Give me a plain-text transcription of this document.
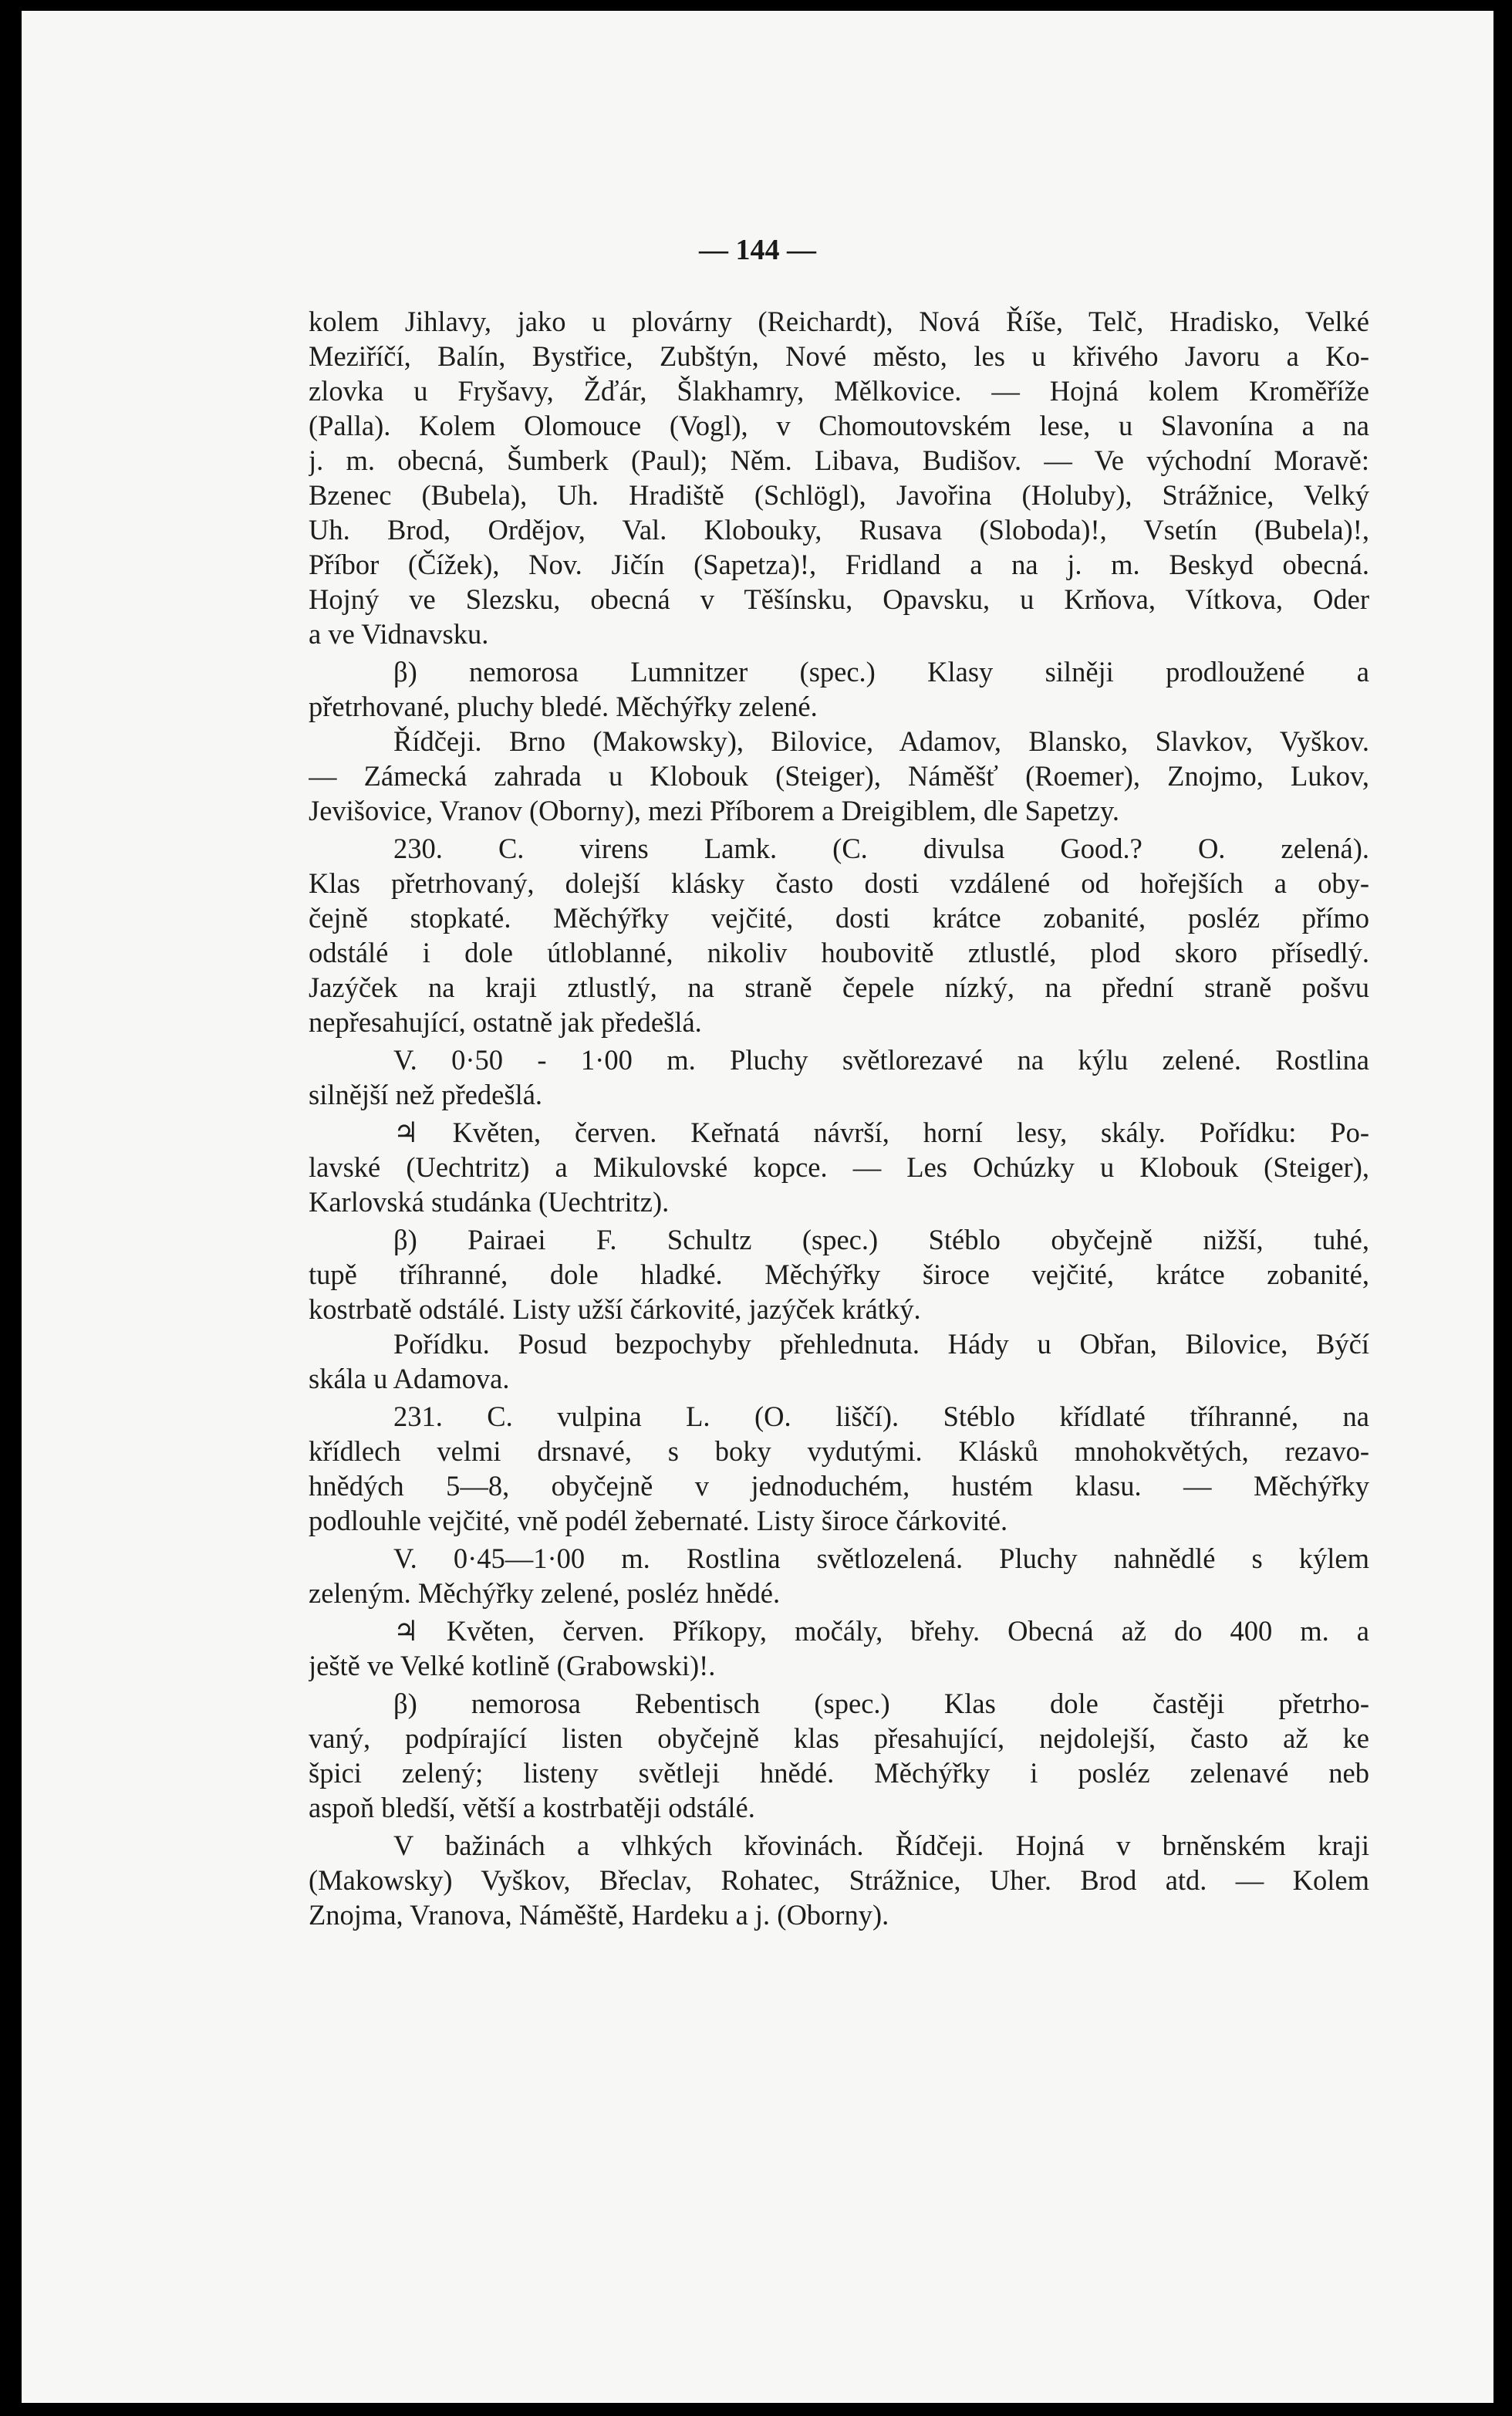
— 144 —
kolem Jihlavy, jako u plovárny (Reichardt), Nová Říše, Telč, Hradisko, Velké
Meziříčí, Balín, Bystřice, Zubštýn, Nové město, les u křivého Javoru a Ko-
zlovka u Fryšavy, Žďár, Šlakhamry, Mělkovice. — Hojná kolem Kroměříže
(Palla). Kolem Olomouce (Vogl), v Chomoutovském lese, u Slavonína a na
j. m. obecná, Šumberk (Paul); Něm. Libava, Budišov. — Ve východní Moravě:
Bzenec (Bubela), Uh. Hradiště (Schlögl), Javořina (Holuby), Strážnice, Velký
Uh. Brod, Ordějov, Val. Klobouky, Rusava (Sloboda)!, Vsetín (Bubela)!,
Příbor (Čížek), Nov. Jičín (Sapetza)!, Fridland a na j. m. Beskyd obecná.
Hojný ve Slezsku, obecná v Těšínsku, Opavsku, u Krňova, Vítkova, Oder
a ve Vidnavsku.
β) nemorosa Lumnitzer (spec.) Klasy silněji prodloužené a
přetrhované, pluchy bledé. Měchýřky zelené.
Řídčeji. Brno (Makowsky), Bilovice, Adamov, Blansko, Slavkov, Vyškov.
— Zámecká zahrada u Klobouk (Steiger), Náměšť (Roemer), Znojmo, Lukov,
Jevišovice, Vranov (Oborny), mezi Příborem a Dreigiblem, dle Sapetzy.
230. C. virens Lamk. (C. divulsa Good.? O. zelená).
Klas přetrhovaný, dolejší klásky často dosti vzdálené od hořejších a oby-
čejně stopkaté. Měchýřky vejčité, dosti krátce zobanité, posléz přímo
odstálé i dole útloblanné, nikoliv houbovitě ztlustlé, plod skoro přísedlý.
Jazýček na kraji ztlustlý, na straně čepele nízký, na přední straně pošvu
nepřesahující, ostatně jak předešlá.
V. 0·50 - 1·00 m. Pluchy světlorezavé na kýlu zelené. Rostlina
silnější než předešlá.
♃ Květen, červen. Keřnatá návrší, horní lesy, skály. Pořídku: Po-
lavské (Uechtritz) a Mikulovské kopce. — Les Ochúzky u Klobouk (Steiger),
Karlovská studánka (Uechtritz).
β) Pairaei F. Schultz (spec.) Stéblo obyčejně nižší, tuhé,
tupě tříhranné, dole hladké. Měchýřky široce vejčité, krátce zobanité,
kostrbatě odstálé. Listy užší čárkovité, jazýček krátký.
Pořídku. Posud bezpochyby přehlednuta. Hády u Obřan, Bilovice, Býčí
skála u Adamova.
231. C. vulpina L. (O. liščí). Stéblo křídlaté tříhranné, na
křídlech velmi drsnavé, s boky vydutými. Klásků mnohokvětých, rezavo-
hnědých 5—8, obyčejně v jednoduchém, hustém klasu. — Měchýřky
podlouhle vejčité, vně podél žebernaté. Listy široce čárkovité.
V. 0·45—1·00 m. Rostlina světlozelená. Pluchy nahnědlé s kýlem
zeleným. Měchýřky zelené, posléz hnědé.
♃ Květen, červen. Příkopy, močály, břehy. Obecná až do 400 m. a
ještě ve Velké kotlině (Grabowski)!.
β) nemorosa Rebentisch (spec.) Klas dole častěji přetrho-
vaný, podpírající listen obyčejně klas přesahující, nejdolejší, často až ke
špici zelený; listeny světleji hnědé. Měchýřky i posléz zelenavé neb
aspoň bledší, větší a kostrbatěji odstálé.
V bažinách a vlhkých křovinách. Řídčeji. Hojná v brněnském kraji
(Makowsky) Vyškov, Břeclav, Rohatec, Strážnice, Uher. Brod atd. — Kolem
Znojma, Vranova, Náměště, Hardeku a j. (Oborny).
